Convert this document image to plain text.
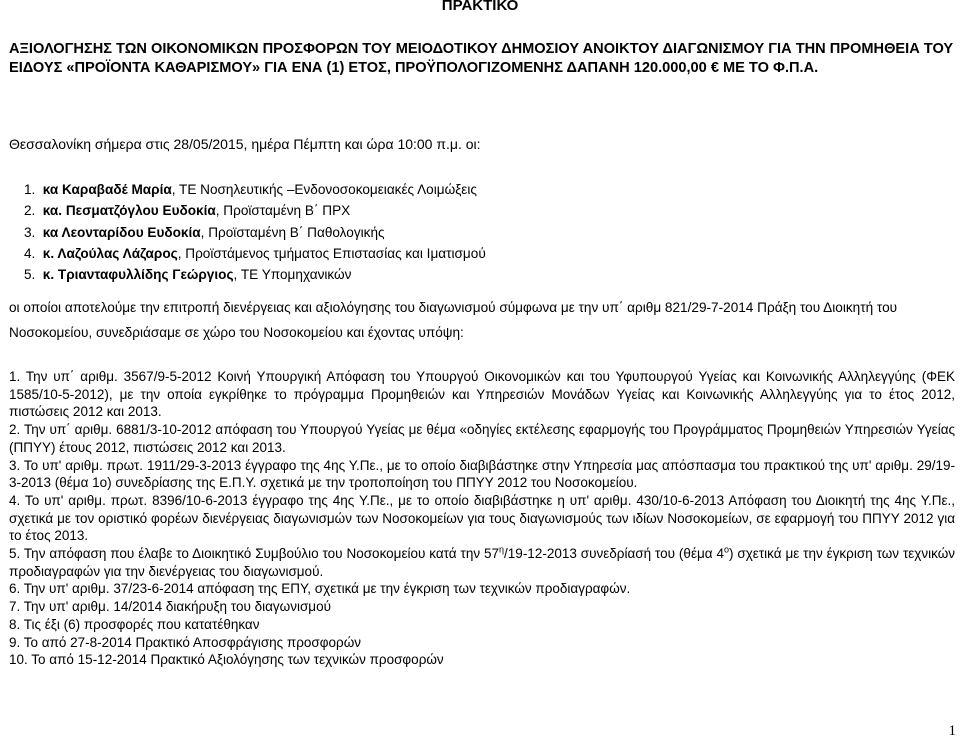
ΠΡΑΚΤΙΚΟ
ΑΞΙΟΛΟΓΗΣΗΣ ΤΩΝ ΟΙΚΟΝΟΜΙΚΩΝ ΠΡΟΣΦΟΡΩΝ ΤΟΥ ΜΕΙΟΔΟΤΙΚΟΥ ΔΗΜΟΣΙΟΥ ΑΝΟΙΚΤΟΥ ΔΙΑΓΩΝΙΣΜΟΥ ΓΙΑ ΤΗΝ ΠΡΟΜΗΘΕΙΑ ΤΟΥ ΕΙΔΟΥΣ «ΠΡΟΪΟΝΤΑ ΚΑΘΑΡΙΣΜΟΥ» ΓΙΑ ΕΝΑ (1) ΕΤΟΣ, ΠΡΟΫΠΟΛΟΓΙΖΟΜΕΝΗΣ ΔΑΠΑΝΗ 120.000,00 € ΜΕ ΤΟ Φ.Π.Α.
Θεσσαλονίκη σήμερα στις 28/05/2015, ημέρα Πέμπτη και ώρα 10:00 π.μ. οι:
1. κα Καραβαδέ Μαρία, ΤΕ Νοσηλευτικής –Ενδονοσοκομειακές Λοιμώξεις
2. κα. Πεσματζόγλου Ευδοκία, Προϊσταμένη Β΄ ΠΡΧ
3. κα Λεονταρίδου Ευδοκία, Προϊσταμένη Β΄ Παθολογικής
4. κ. Λαζούλας Λάζαρος, Προϊστάμενος τμήματος Επιστασίας και Ιματισμού
5. κ. Τριανταφυλλίδης Γεώργιος, ΤΕ Υπομηχανικών
οι οποίοι αποτελούμε την επιτροπή διενέργειας και αξιολόγησης του διαγωνισμού σύμφωνα με την υπ΄ αριθμ 821/29-7-2014 Πράξη του Διοικητή του Νοσοκομείου, συνεδριάσαμε σε χώρο του Νοσοκομείου και έχοντας υπόψη:

1. Την υπ΄ αριθμ. 3567/9-5-2012 Κοινή Υπουργική Απόφαση του Υπουργού Οικονομικών και του Υφυπουργού Υγείας και Κοινωνικής Αλληλεγγύης (ΦΕΚ 1585/10-5-2012), με την οποία εγκρίθηκε το πρόγραμμα Προμηθειών και Υπηρεσιών Μονάδων Υγείας και Κοινωνικής Αλληλεγγύης για το έτος 2012, πιστώσεις 2012 και 2013.

2. Την υπ΄ αριθμ. 6881/3-10-2012 απόφαση του Υπουργού Υγείας με θέμα «οδηγίες εκτέλεσης εφαρμογής του Προγράμματος Προμηθειών Υπηρεσιών Υγείας (ΠΠΥΥ) έτους 2012, πιστώσεις 2012 και 2013.

3. Το υπ' αριθμ. πρωτ. 1911/29-3-2013 έγγραφο της 4ης Υ.Πε., με το οποίο διαβιβάστηκε στην Υπηρεσία μας απόσπασμα του πρακτικού της υπ' αριθμ. 29/19-3-2013 (θέμα 1ο) συνεδρίασης της Ε.Π.Υ. σχετικά με την τροποποίηση του ΠΠΥΥ 2012 του Νοσοκομείου.

4. Το υπ' αριθμ. πρωτ. 8396/10-6-2013 έγγραφο της 4ης Υ.Πε., με το οποίο διαβιβάστηκε η υπ' αριθμ. 430/10-6-2013 Απόφαση του Διοικητή της 4ης Υ.Πε., σχετικά με τον οριστικό φορέων διενέργειας διαγωνισμών των Νοσοκομείων για τους διαγωνισμούς των ιδίων Νοσοκομείων, σε εφαρμογή του ΠΠΥΥ 2012 για το έτος 2013.

5. Την απόφαση που έλαβε το Διοικητικό Συμβούλιο του Νοσοκομείου κατά την $57^\eta/19-12-2013$ συνεδρίασή του (θέμα $4^o$) σχετικά με την έγκριση των τεχνικών προδιαγραφών για την διενέργειας του διαγωνισμού.

6. Την υπ' αριθμ. 37/23-6-2014 απόφαση της ΕΠΥ, σχετικά με την έγκριση των τεχνικών προδιαγραφών.

7. Την υπ' αριθμ. 14/2014 διακήρυξη του διαγωνισμού

8. Τις έξι (6) προσφορές που κατατέθηκαν

9. Το από 27-8-2014 Πρακτικό Αποσφράγισης προσφορών

10. Το από 15-12-2014 Πρακτικό Αξιολόγησης των τεχνικών προσφορών

1
